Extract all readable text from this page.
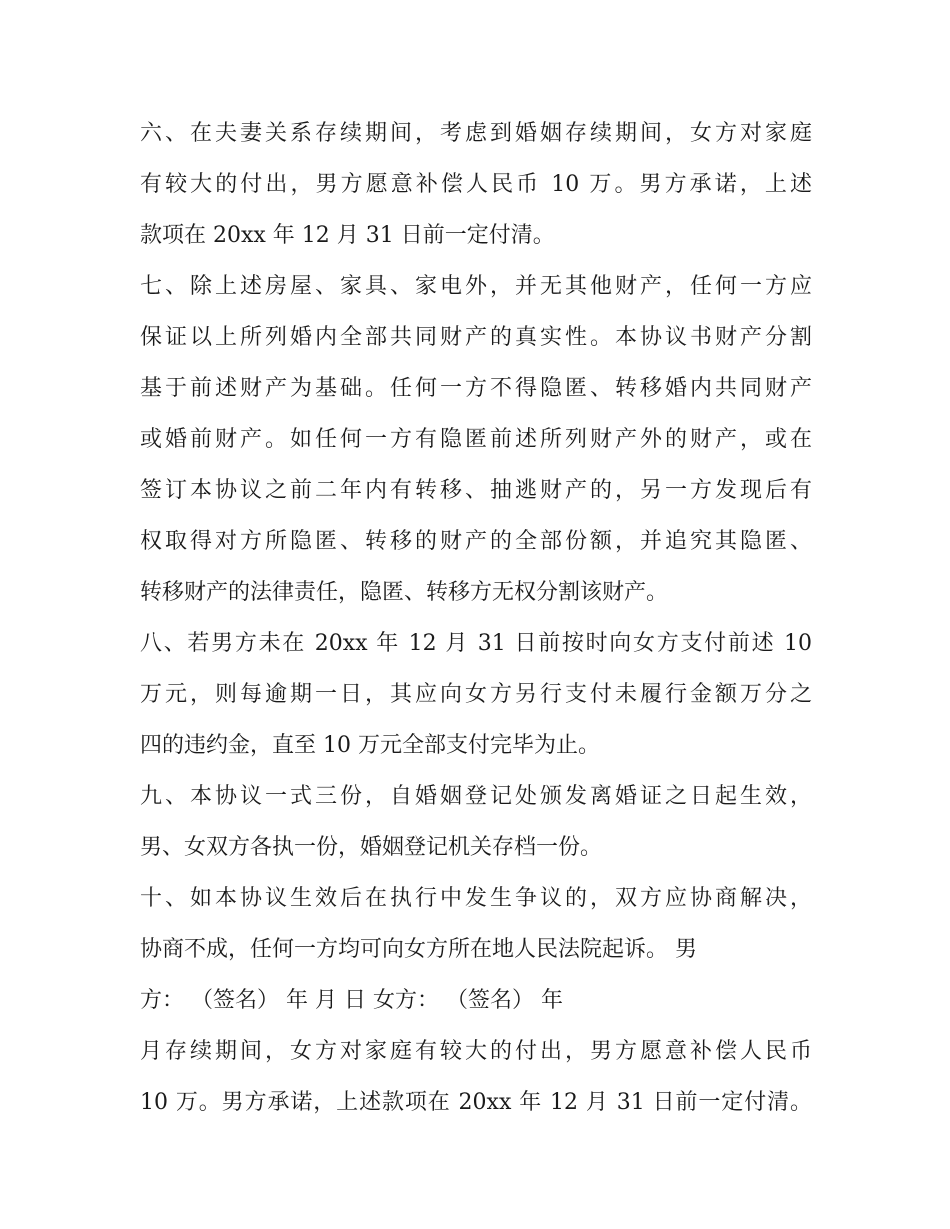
六、在夫妻关系存续期间，考虑到婚姻存续期间，女方对家庭
有较大的付出，男方愿意补偿人民币 10 万。男方承诺，上述
款项在 20xx 年 12 月 31 日前一定付清。
七、除上述房屋、家具、家电外，并无其他财产，任何一方应
保证以上所列婚内全部共同财产的真实性。本协议书财产分割
基于前述财产为基础。任何一方不得隐匿、转移婚内共同财产
或婚前财产。如任何一方有隐匿前述所列财产外的财产，或在
签订本协议之前二年内有转移、抽逃财产的，另一方发现后有
权取得对方所隐匿、转移的财产的全部份额，并追究其隐匿、
转移财产的法律责任，隐匿、转移方无权分割该财产。
八、若男方未在 20xx 年 12 月 31 日前按时向女方支付前述 10
万元，则每逾期一日，其应向女方另行支付未履行金额万分之
四的违约金，直至 10 万元全部支付完毕为止。
九、本协议一式三份，自婚姻登记处颁发离婚证之日起生效，
男、女双方各执一份，婚姻登记机关存档一份。
十、如本协议生效后在执行中发生争议的，双方应协商解决，
协商不成，任何一方均可向女方所在地人民法院起诉。 男
方： （签名） 年 月 日 女方： （签名） 年
月存续期间，女方对家庭有较大的付出，男方愿意补偿人民币
10 万。男方承诺，上述款项在 20xx 年 12 月 31 日前一定付清。
